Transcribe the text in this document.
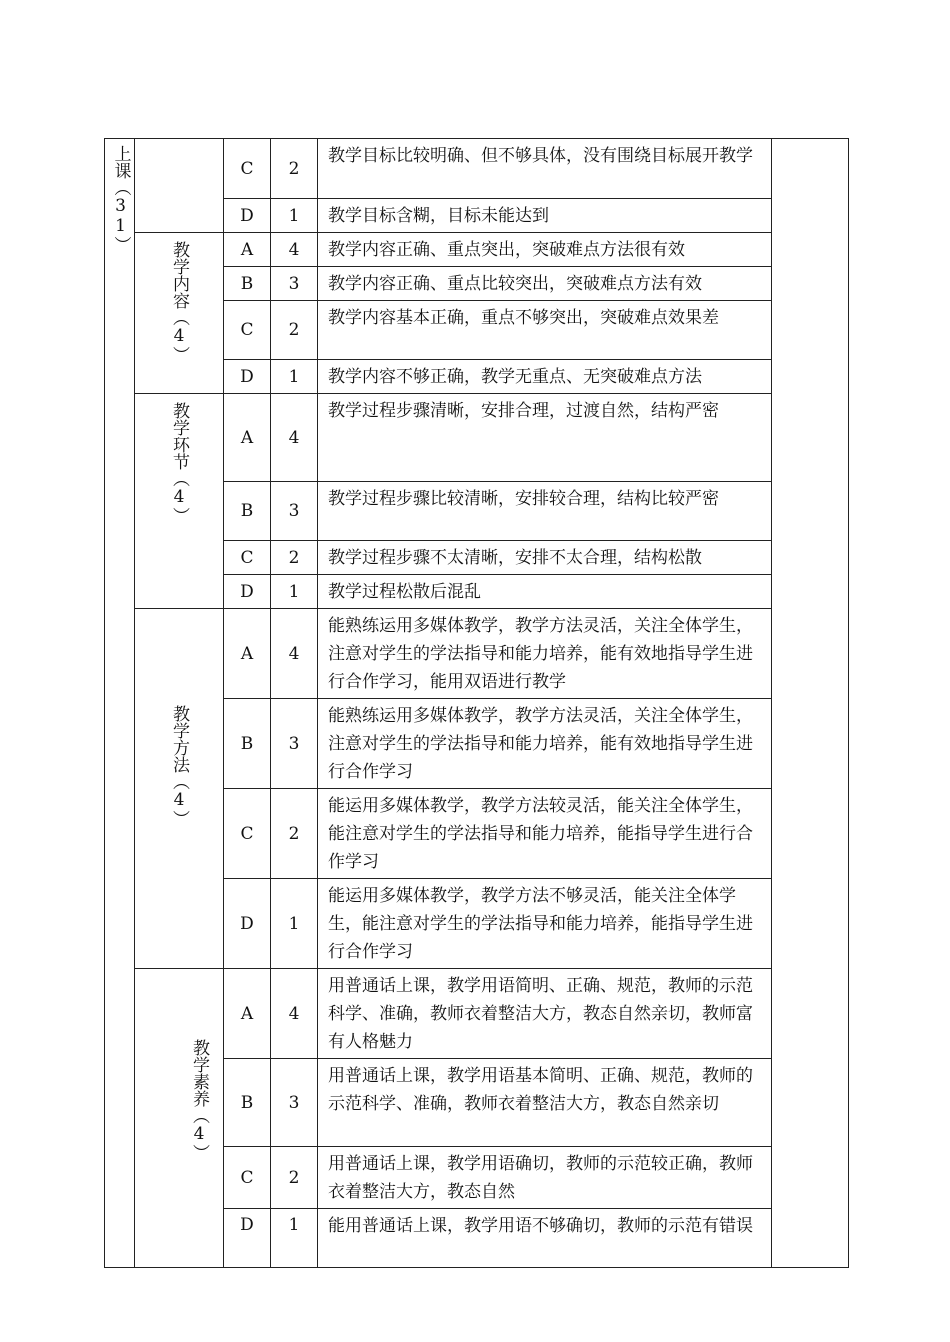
上课（31）		C	2	教学目标比较明确、但不够具体，没有围绕目标展开教学	

		D	1	教学目标含糊，目标未能达到	

	教学内容（4）	A	4	教学内容正确、重点突出，突破难点方法很有效	

		B	3	教学内容正确、重点比较突出，突破难点方法有效	

		C	2	教学内容基本正确，重点不够突出，突破难点效果差	

		D	1	教学内容不够正确，教学无重点、无突破难点方法	

	教学环节（4）	A	4	教学过程步骤清晰，安排合理，过渡自然，结构严密	

		B	3	教学过程步骤比较清晰，安排较合理，结构比较严密	

		C	2	教学过程步骤不太清晰，安排不太合理，结构松散	

		D	1	教学过程松散后混乱	

	教学方法（4）	A	4	能熟练运用多媒体教学，教学方法灵活，关注全体学生，注意对学生的学法指导和能力培养，能有效地指导学生进行合作学习，能用双语进行教学	

		B	3	能熟练运用多媒体教学，教学方法灵活，关注全体学生，注意对学生的学法指导和能力培养，能有效地指导学生进行合作学习	

		C	2	能运用多媒体教学，教学方法较灵活，能关注全体学生，能注意对学生的学法指导和能力培养，能指导学生进行合作学习	

		D	1	能运用多媒体教学，教学方法不够灵活，能关注全体学生，能注意对学生的学法指导和能力培养，能指导学生进行合作学习	

	教学素养（4）	A	4	用普通话上课，教学用语简明、正确、规范，教师的示范科学、准确，教师衣着整洁大方，教态自然亲切，教师富有人格魅力	

		B	3	用普通话上课，教学用语基本简明、正确、规范，教师的示范科学、准确，教师衣着整洁大方，教态自然亲切	

		C	2	用普通话上课，教学用语确切，教师的示范较正确，教师衣着整洁大方，教态自然	

		D	1	能用普通话上课，教学用语不够确切，教师的示范有错误	
